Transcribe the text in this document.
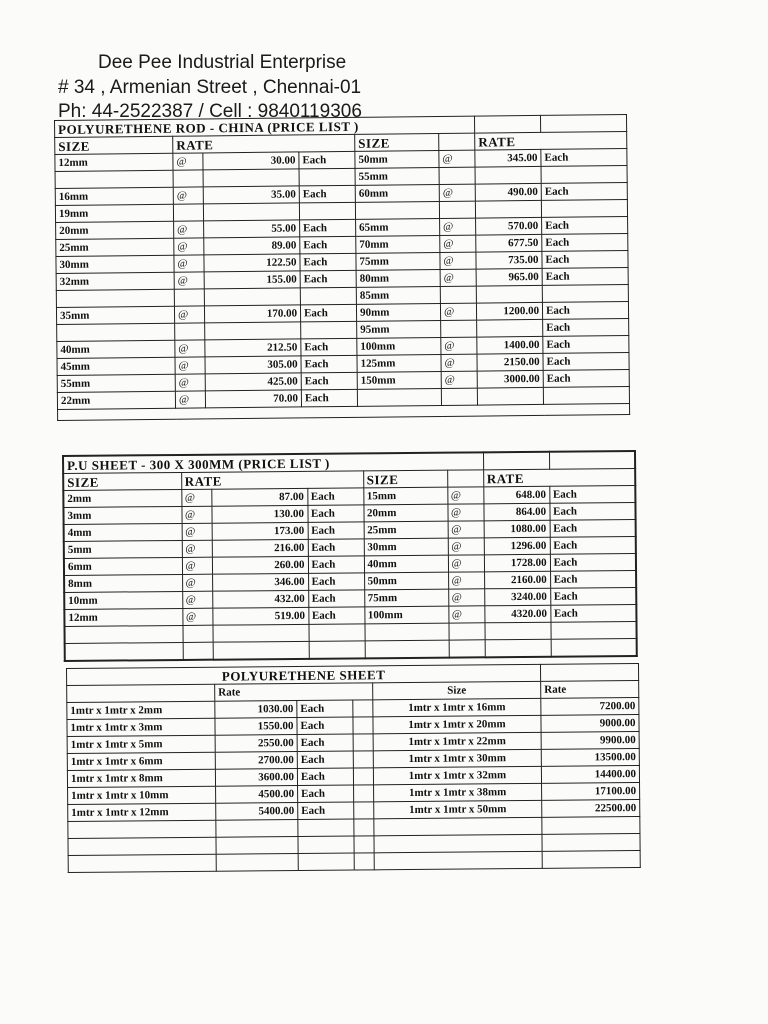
Dee Pee Industrial Enterprise
# 34 , Armenian Street , Chennai-01
Ph: 44-2522387 / Cell : 9840119306
POLYURETHENE ROD - CHINA (PRICE LIST )							
SIZE	RATE			SIZE		RATE	
12mm	@	30.00	Each	50mm	@	345.00	Each
				55mm			
16mm	@	35.00	Each	60mm	@	490.00	Each
19mm							
20mm	@	55.00	Each	65mm	@	570.00	Each
25mm	@	89.00	Each	70mm	@	677.50	Each
30mm	@	122.50	Each	75mm	@	735.00	Each
32mm	@	155.00	Each	80mm	@	965.00	Each
				85mm			
35mm	@	170.00	Each	90mm	@	1200.00	Each
				95mm			Each
40mm	@	212.50	Each	100mm	@	1400.00	Each
45mm	@	305.00	Each	125mm	@	2150.00	Each
55mm	@	425.00	Each	150mm	@	3000.00	Each
22mm	@	70.00	Each				

P.U SHEET - 300 X 300MM (PRICE LIST )							
SIZE	RATE			SIZE		RATE	
2mm	@	87.00	Each	15mm	@	648.00	Each
3mm	@	130.00	Each	20mm	@	864.00	Each
4mm	@	173.00	Each	25mm	@	1080.00	Each
5mm	@	216.00	Each	30mm	@	1296.00	Each
6mm	@	260.00	Each	40mm	@	1728.00	Each
8mm	@	346.00	Each	50mm	@	2160.00	Each
10mm	@	432.00	Each	75mm	@	3240.00	Each
12mm	@	519.00	Each	100mm	@	4320.00	Each

POLYURETHENE SHEET					
	Rate			Size	Rate
1mtr x 1mtr x 2mm	1030.00	Each		1mtr x 1mtr x 16mm	7200.00
1mtr x 1mtr x 3mm	1550.00	Each		1mtr x 1mtr x 20mm	9000.00
1mtr x 1mtr x 5mm	2550.00	Each		1mtr x 1mtr x 22mm	9900.00
1mtr x 1mtr x 6mm	2700.00	Each		1mtr x 1mtr x 30mm	13500.00
1mtr x 1mtr x 8mm	3600.00	Each		1mtr x 1mtr x 32mm	14400.00
1mtr x 1mtr x 10mm	4500.00	Each		1mtr x 1mtr x 38mm	17100.00
1mtr x 1mtr x 12mm	5400.00	Each		1mtr x 1mtr x 50mm	22500.00
